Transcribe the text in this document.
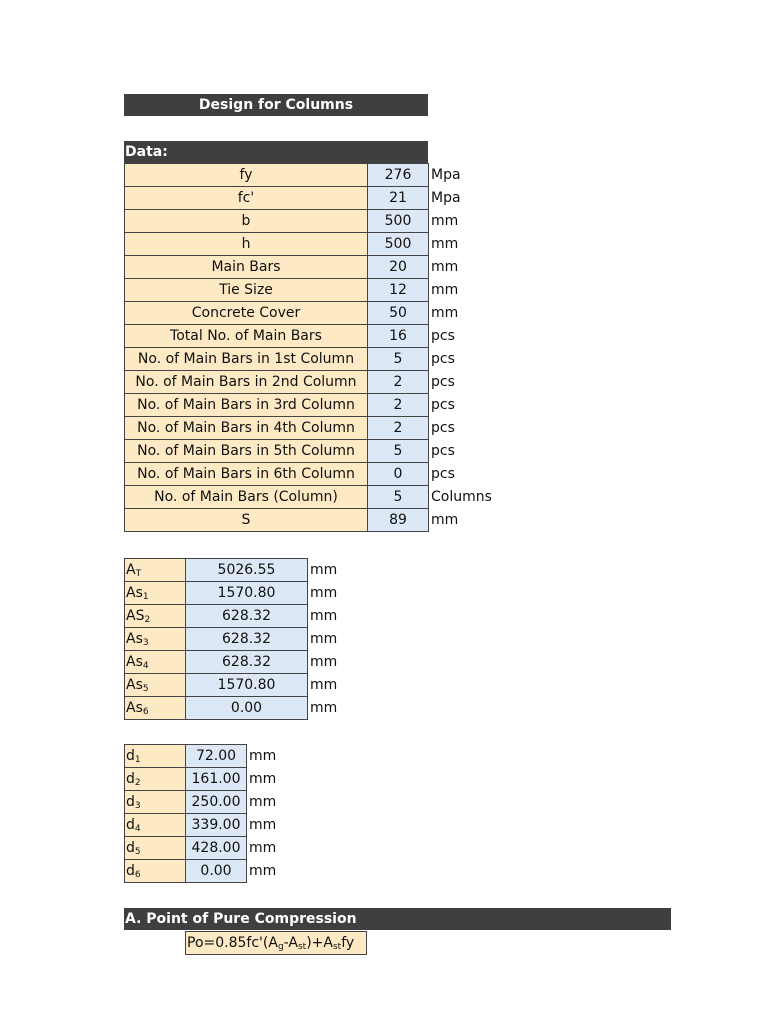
Design for Columns
Data:
fy	276	Mpa
fc'	21	Mpa
b	500	mm
h	500	mm
Main Bars	20	mm
Tie Size	12	mm
Concrete Cover	50	mm
Total No. of Main Bars	16	pcs
No. of Main Bars in 1st Column	5	pcs
No. of Main Bars in 2nd Column	2	pcs
No. of Main Bars in 3rd Column	2	pcs
No. of Main Bars in 4th Column	2	pcs
No. of Main Bars in 5th Column	5	pcs
No. of Main Bars in 6th Column	0	pcs
No. of Main Bars (Column)	5	Columns
S	89	mm
$A_T$	5026.55	mm
$As_1$	1570.80	mm
$AS_2$	628.32	mm
$As_3$	628.32	mm
$As_4$	628.32	mm
$As_5$	1570.80	mm
$As_6$	0.00	mm
$d_1$	72.00	mm
$d_2$	161.00	mm
$d_3$	250.00	mm
$d_4$	339.00	mm
$d_5$	428.00	mm
$d_6$	0.00	mm
A. Point of Pure Compression
$Po=0.85fc'(A_g-A_{st})+A_{st}fy$
